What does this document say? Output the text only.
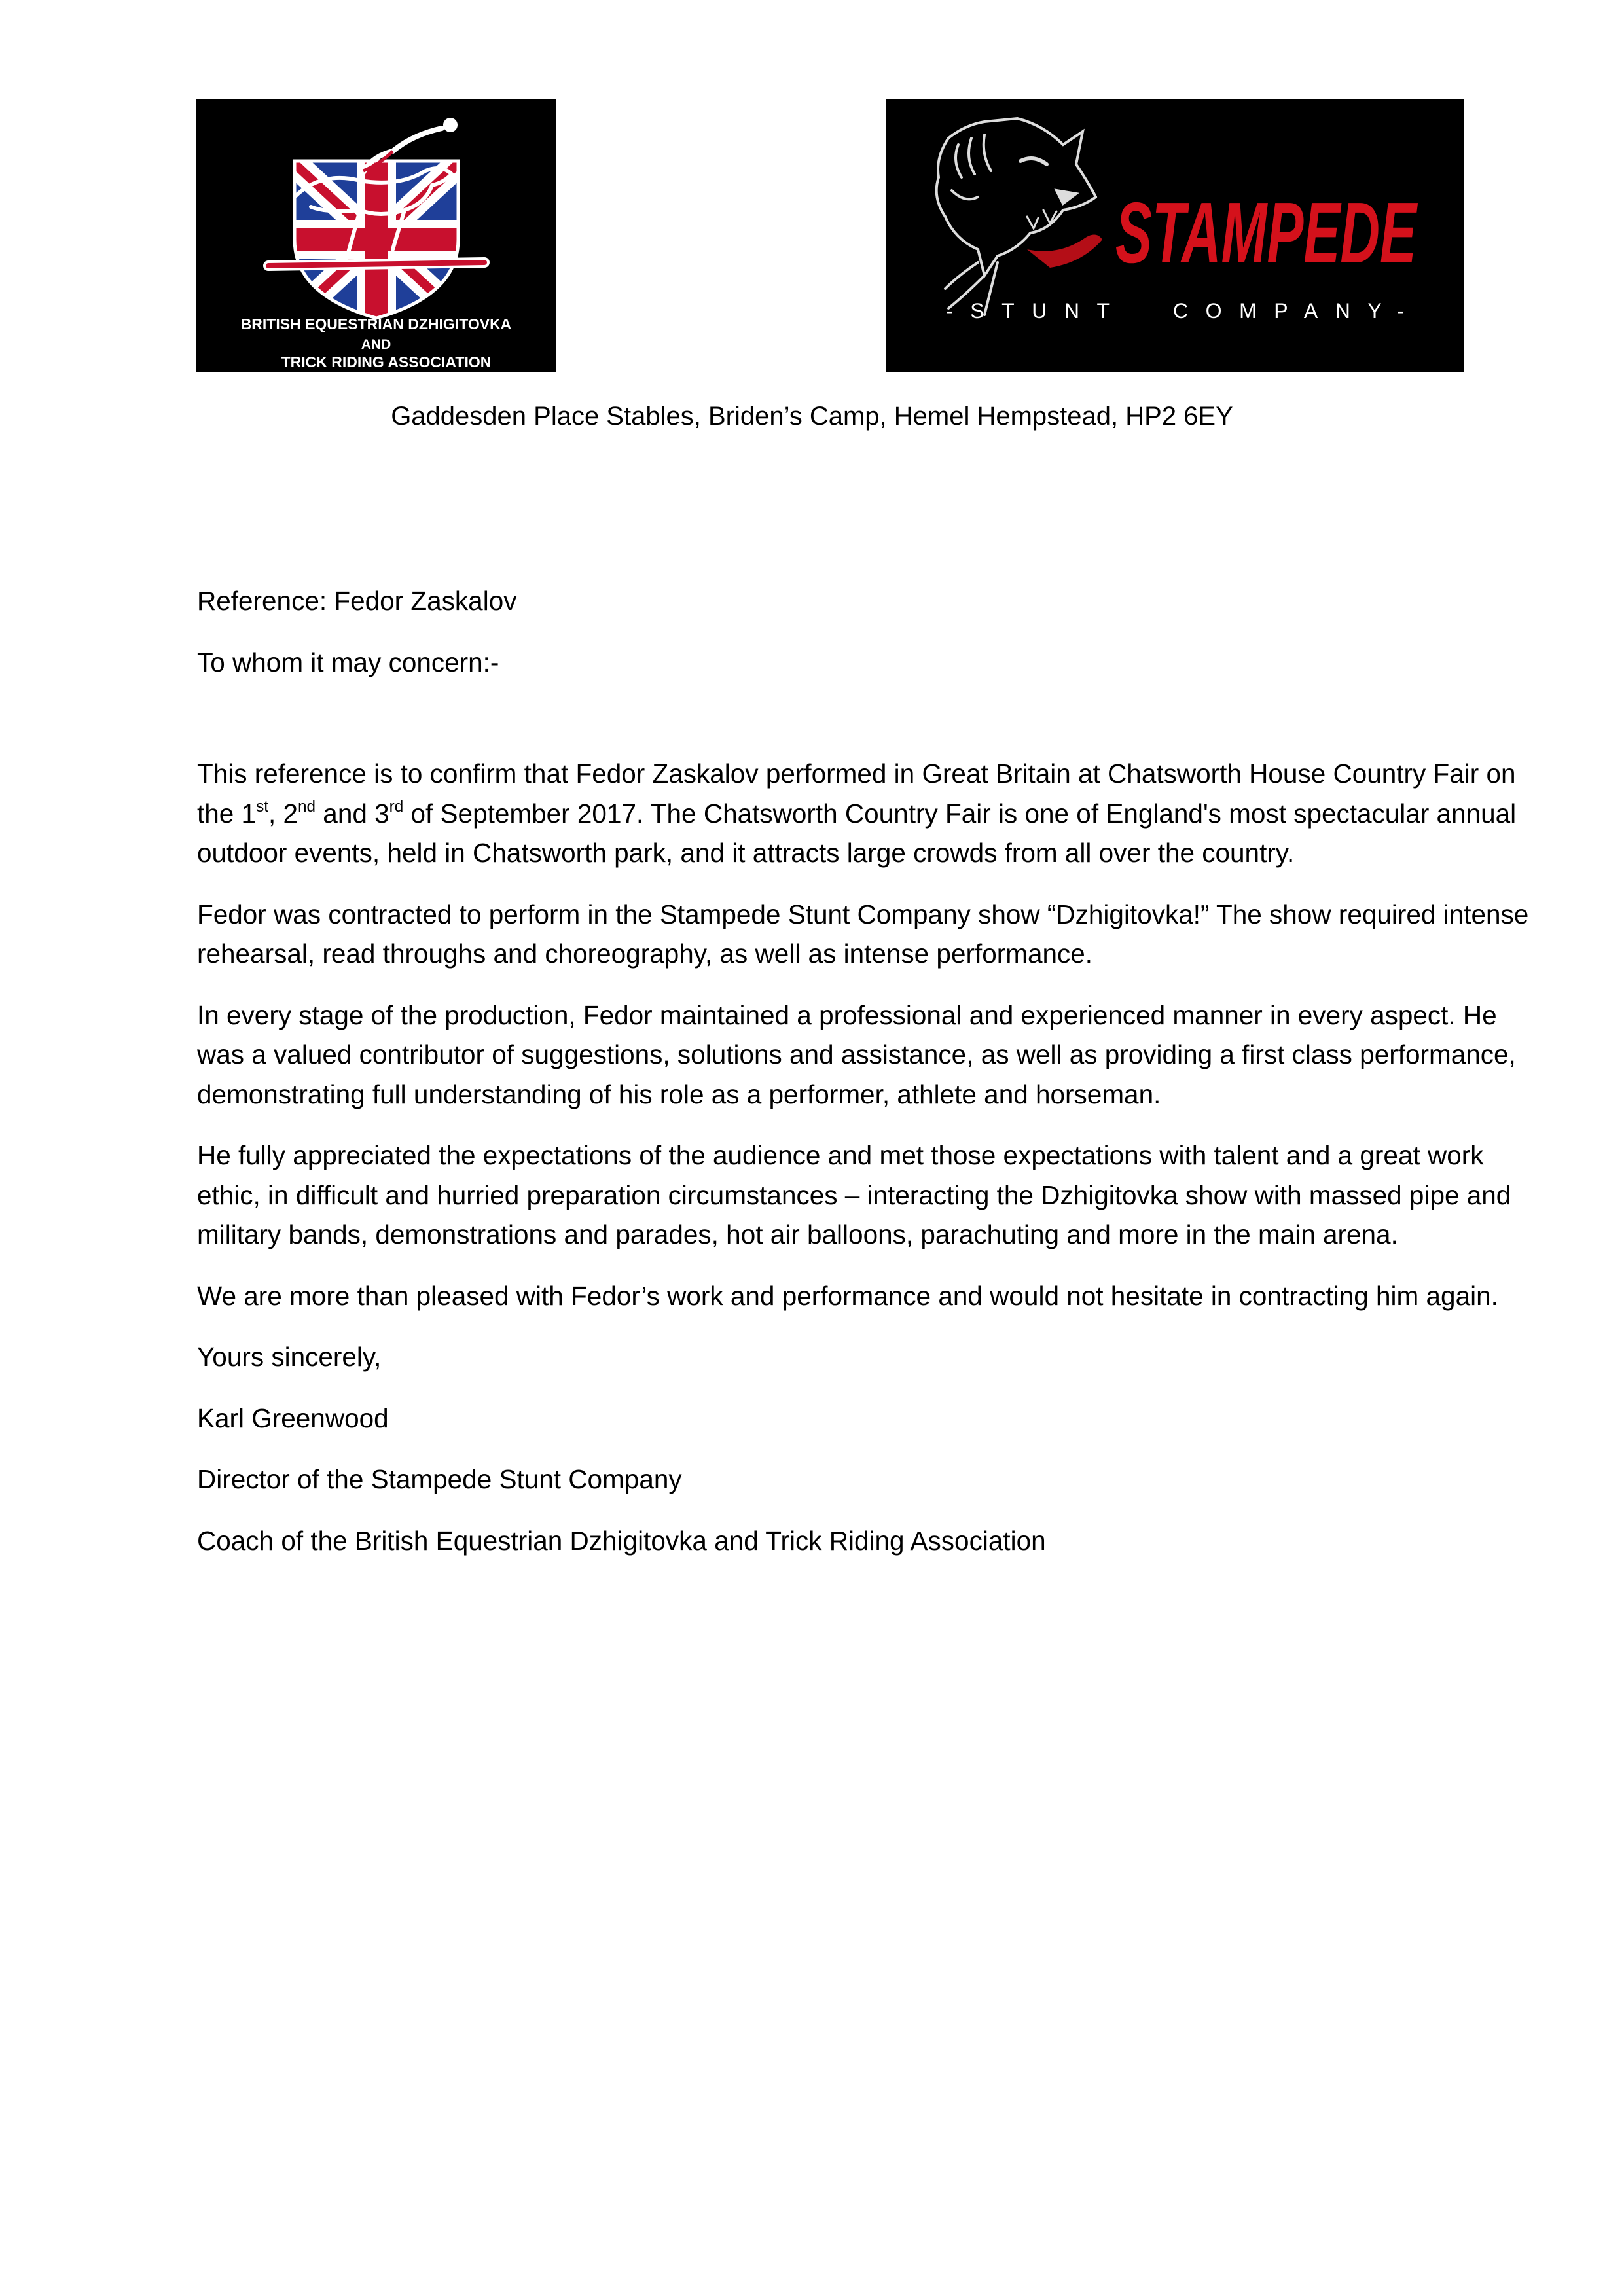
BRITISH EQUESTRIAN DZHIGITOVKA
AND
TRICK RIDING ASSOCIATION
STAMPEDE
-STUNT  COMPANY-
Gaddesden Place Stables, Briden’s Camp, Hemel Hempstead, HP2 6EY

Reference: Fedor Zaskalov

To whom it may concern:-

This reference is to confirm that Fedor Zaskalov performed in Great Britain at Chatsworth House Country Fair on the 1st, 2nd and 3rd of September 2017. The Chatsworth Country Fair is one of England's most spectacular annual outdoor events, held in Chatsworth park, and it attracts large crowds from all over the country.

Fedor was contracted to perform in the Stampede Stunt Company show “Dzhigitovka!” The show required intense rehearsal, read throughs and choreography, as well as intense performance.

In every stage of the production, Fedor maintained a professional and experienced manner in every aspect. He was a valued contributor of suggestions, solutions and assistance, as well as providing a first class performance, demonstrating full understanding of his role as a performer, athlete and horseman.

He fully appreciated the expectations of the audience and met those expectations with talent and a great work ethic, in difficult and hurried preparation circumstances – interacting the Dzhigitovka show with massed pipe and military bands, demonstrations and parades, hot air balloons, parachuting and more in the main arena.

We are more than pleased with Fedor’s work and performance and would not hesitate in contracting him again.

Yours sincerely,

Karl Greenwood

Director of the Stampede Stunt Company

Coach of the British Equestrian Dzhigitovka and Trick Riding Association
